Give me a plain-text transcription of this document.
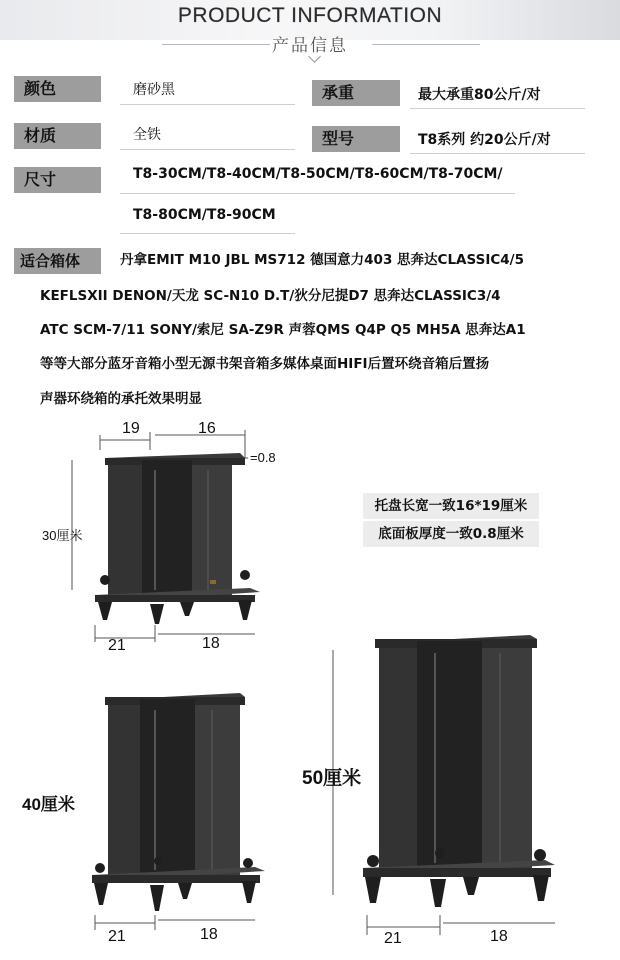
PRODUCT INFORMATION
产品信息
颜色	磨砂黑	承重	最大承重80公斤/对
材质	全铁	型号	T8系列 约20公斤/对
尺寸	T8-30CM/T8-40CM/T8-50CM/T8-60CM/T8-70CM/
T8-80CM/T8-90CM
适合箱体	丹拿EMIT M10 JBL MS712 德国意力403 思奔达CLASSIC4/5
KEFLSXII DENON/天龙 SC-N10 D.T/狄分尼提D7 思奔达CLASSIC3/4
ATC SCM-7/11 SONY/索尼 SA-Z9R 声蓉QMS Q4P Q5 MH5A 思奔达A1
等等大部分蓝牙音箱小型无源书架音箱多媒体桌面HIFI后置环绕音箱后置扬
声器环绕箱的承托效果明显
托盘长宽一致16*19厘米
底面板厚度一致0.8厘米
19	16
=0.8
30厘米
21	18
40厘米
21	18
50厘米
21	18
